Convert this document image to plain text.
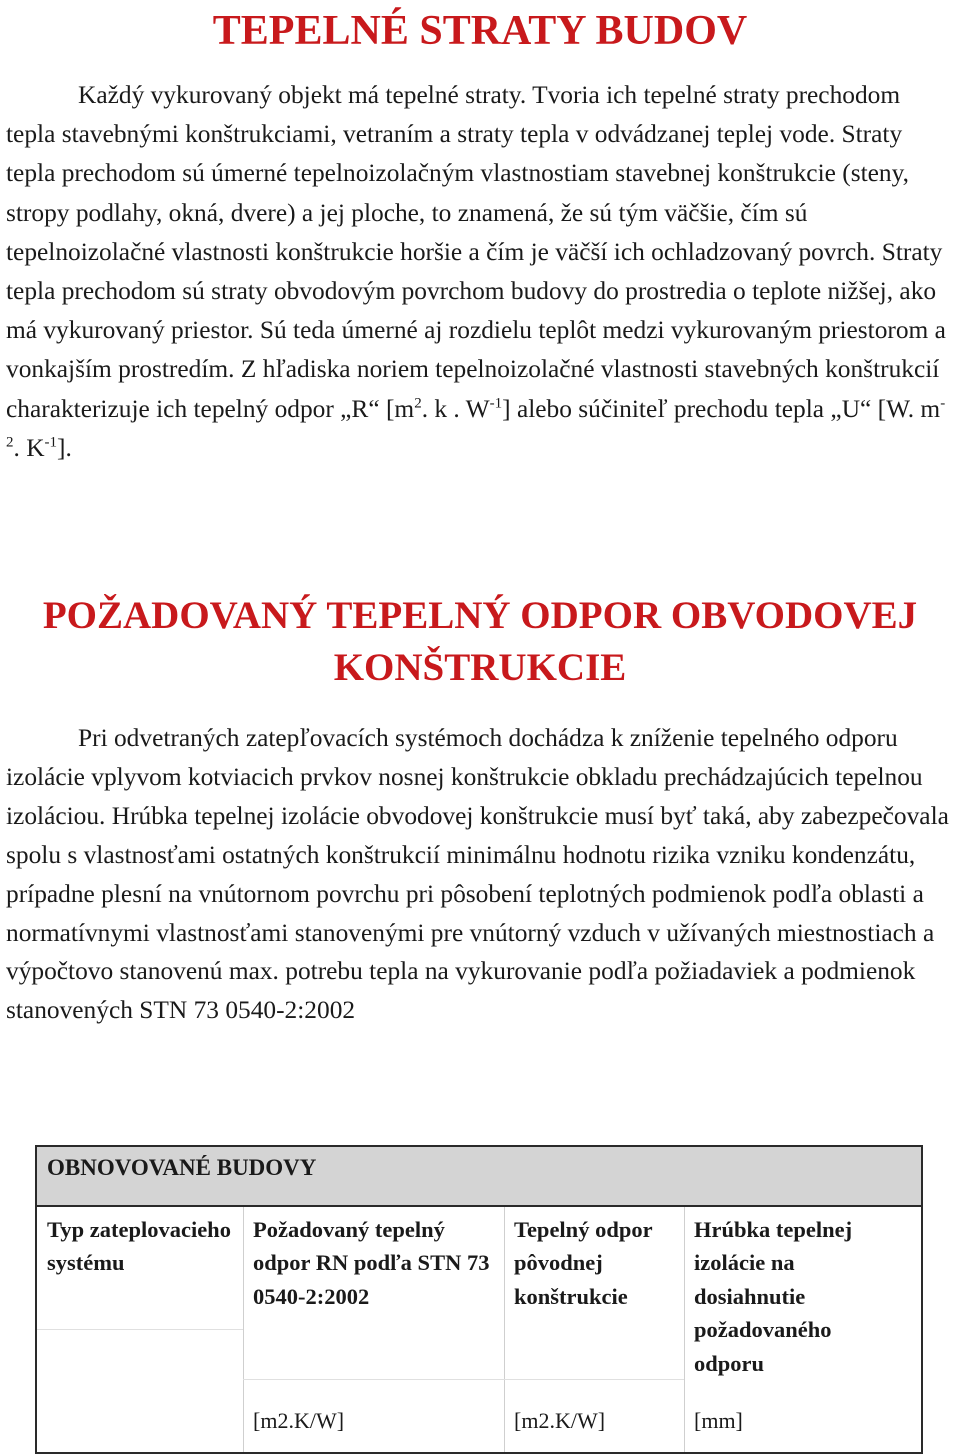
TEPELNÉ STRATY BUDOV

Každý vykurovaný objekt má tepelné straty. Tvoria ich tepelné straty prechodom tepla stavebnými konštrukciami, vetraním a straty tepla v odvádzanej teplej vode. Straty tepla prechodom sú úmerné tepelnoizolačným vlastnostiam stavebnej konštrukcie (steny, stropy podlahy, okná, dvere) a jej ploche, to znamená, že sú tým väčšie, čím sú tepelnoizolačné vlastnosti konštrukcie horšie a čím je väčší ich ochladzovaný povrch. Straty tepla prechodom sú straty obvodovým povrchom budovy do prostredia o teplote nižšej, ako má vykurovaný priestor. Sú teda úmerné aj rozdielu teplôt medzi vykurovaným priestorom a vonkajším prostredím. Z hľadiska noriem tepelnoizolačné vlastnosti stavebných konštrukcií charakterizuje ich tepelný odpor „R“ [$m^2$. k . $W^{-1}$] alebo súčiniteľ prechodu tepla „U“ [W. $m^{-2}$. $K^{-1}$].

POŽADOVANÝ TEPELNÝ ODPOR OBVODOVEJ KONŠTRUKCIE

Pri odvetraných zatepľovacích systémoch dochádza k zníženie tepelného odporu izolácie vplyvom kotviacich prvkov nosnej konštrukcie obkladu prechádzajúcich tepelnou izoláciou. Hrúbka tepelnej izolácie obvodovej konštrukcie musí byť taká, aby zabezpečovala spolu s vlastnosťami ostatných konštrukcií minimálnu hodnotu rizika vzniku kondenzátu, prípadne plesní na vnútornom povrchu pri pôsobení teplotných podmienok podľa oblasti a normatívnymi vlastnosťami stanovenými pre vnútorný vzduch v užívaných miestnostiach a výpočtovo stanovenú max. potrebu tepla na vykurovanie podľa požiadaviek a podmienok stanovených STN 73 0540-2:2002

OBNOVOVANÉ BUDOVY
Typ zateplovacieho systému
Požadovaný tepelný odpor RN podľa STN 73 0540-2:2002
[m2.K/W]
Tepelný odpor pôvodnej konštrukcie
[m2.K/W]
Hrúbka tepelnej izolácie na dosiahnutie požadovaného odporu
[mm]
